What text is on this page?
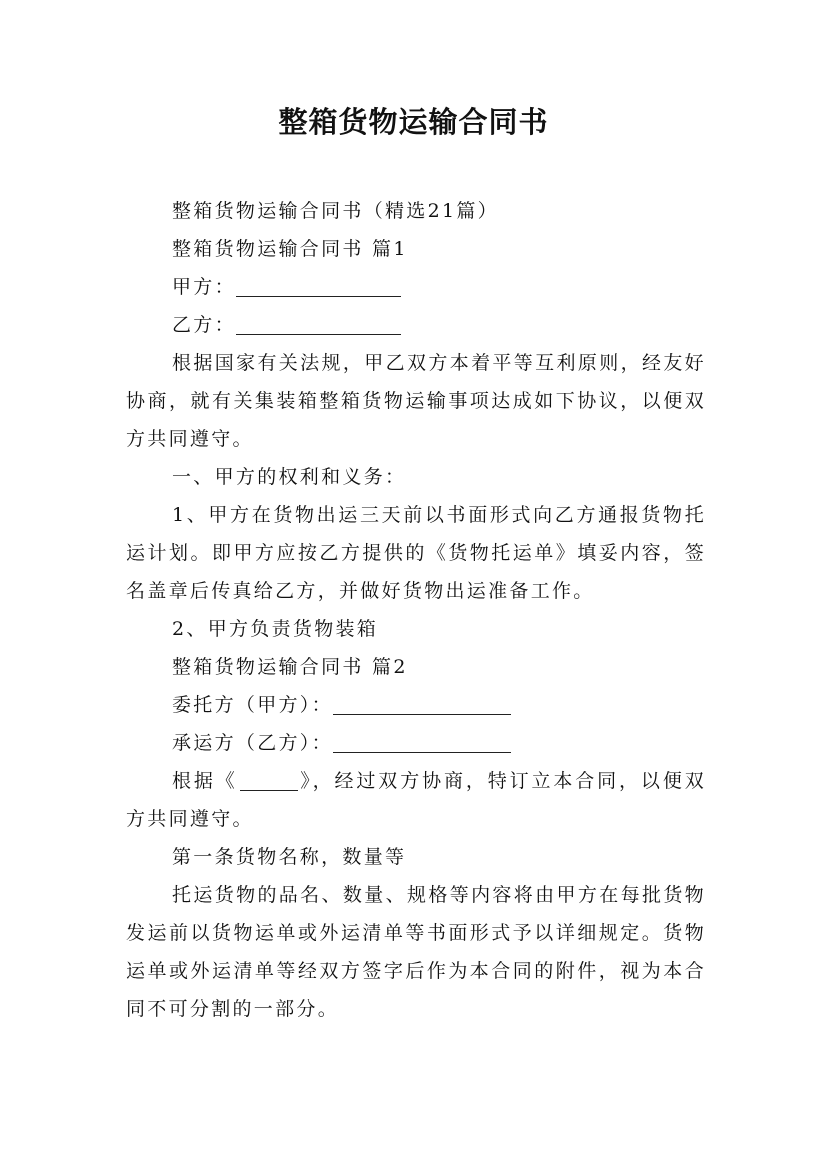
整箱货物运输合同书

整箱货物运输合同书（精选21篇）

整箱货物运输合同书 篇1

甲方：

乙方：

根据国家有关法规，甲乙双方本着平等互利原则，经友好协商，就有关集装箱整箱货物运输事项达成如下协议，以便双方共同遵守。

一、甲方的权利和义务：

1、甲方在货物出运三天前以书面形式向乙方通报货物托运计划。即甲方应按乙方提供的《货物托运单》填妥内容，签名盖章后传真给乙方，并做好货物出运准备工作。

2、甲方负责货物装箱

整箱货物运输合同书 篇2

委托方（甲方）：

承运方（乙方）：

根据《	》，经过双方协商，特订立本合同，以便双方共同遵守。

第一条货物名称，数量等

托运货物的品名、数量、规格等内容将由甲方在每批货物发运前以货物运单或外运清单等书面形式予以详细规定。货物运单或外运清单等经双方签字后作为本合同的附件，视为本合同不可分割的一部分。
